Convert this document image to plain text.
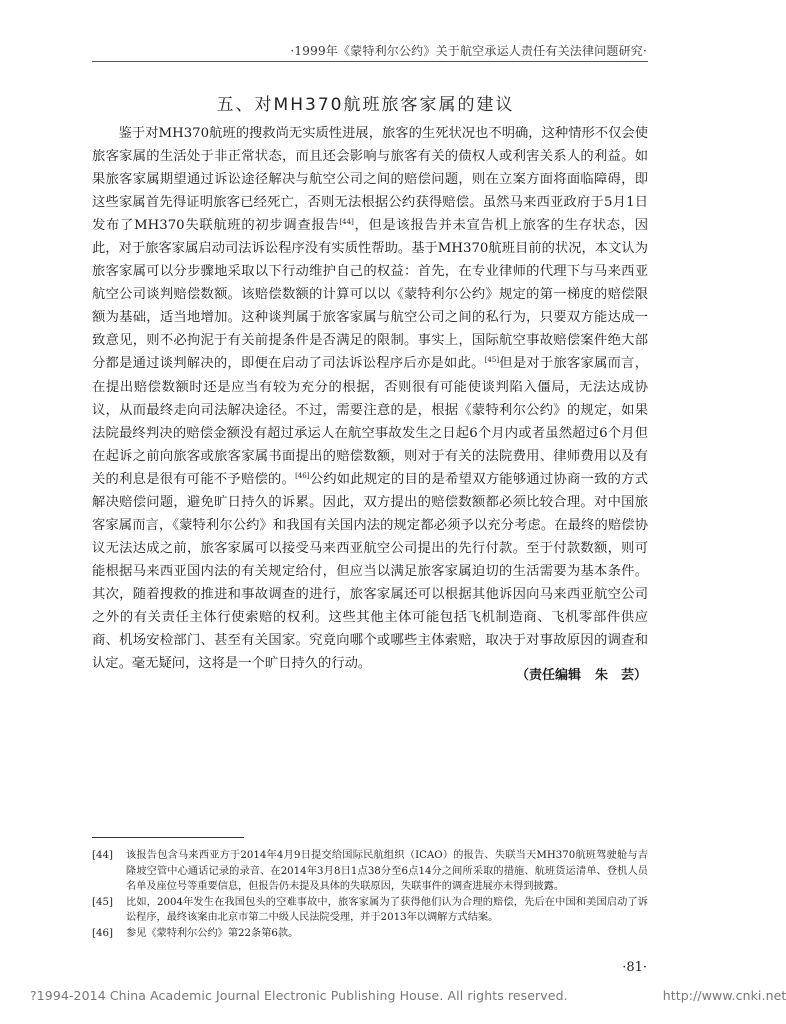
·1999年《蒙特利尔公约》关于航空承运人责任有关法律问题研究·
五、对MH370航班旅客家属的建议

鉴于对MH370航班的搜救尚无实质性进展，旅客的生死状况也不明确，这种情形不仅会使旅客家属的生活处于非正常状态，而且还会影响与旅客有关的债权人或利害关系人的利益。如果旅客家属期望通过诉讼途径解决与航空公司之间的赔偿问题，则在立案方面将面临障碍，即这些家属首先得证明旅客已经死亡，否则无法根据公约获得赔偿。虽然马来西亚政府于5月1日发布了MH370失联航班的初步调查报告[44]，但是该报告并未宣告机上旅客的生存状态，因此，对于旅客家属启动司法诉讼程序没有实质性帮助。基于MH370航班目前的状况，本文认为旅客家属可以分步骤地采取以下行动维护自己的权益：首先，在专业律师的代理下与马来西亚航空公司谈判赔偿数额。该赔偿数额的计算可以以《蒙特利尔公约》规定的第一梯度的赔偿限额为基础，适当地增加。这种谈判属于旅客家属与航空公司之间的私行为，只要双方能达成一致意见，则不必拘泥于有关前提条件是否满足的限制。事实上，国际航空事故赔偿案件绝大部分都是通过谈判解决的，即便在启动了司法诉讼程序后亦是如此。[45]但是对于旅客家属而言，在提出赔偿数额时还是应当有较为充分的根据，否则很有可能使谈判陷入僵局，无法达成协议，从而最终走向司法解决途径。不过，需要注意的是，根据《蒙特利尔公约》的规定，如果法院最终判决的赔偿金额没有超过承运人在航空事故发生之日起6个月内或者虽然超过6个月但在起诉之前向旅客或旅客家属书面提出的赔偿数额，则对于有关的法院费用、律师费用以及有关的利息是很有可能不予赔偿的。[46]公约如此规定的目的是希望双方能够通过协商一致的方式解决赔偿问题，避免旷日持久的诉累。因此，双方提出的赔偿数额都必须比较合理。对中国旅客家属而言，《蒙特利尔公约》和我国有关国内法的规定都必须予以充分考虑。在最终的赔偿协议无法达成之前，旅客家属可以接受马来西亚航空公司提出的先行付款。至于付款数额，则可能根据马来西亚国内法的有关规定给付，但应当以满足旅客家属迫切的生活需要为基本条件。其次，随着搜救的推进和事故调查的进行，旅客家属还可以根据其他诉因向马来西亚航空公司之外的有关责任主体行使索赔的权利。这些其他主体可能包括飞机制造商、飞机零部件供应商、机场安检部门、甚至有关国家。究竟向哪个或哪些主体索赔，取决于对事故原因的调查和认定。毫无疑问，这将是一个旷日持久的行动。

（责任编辑 朱　芸）
[44]	该报告包含马来西亚方于2014年4月9日提交给国际民航组织（ICAO）的报告、失联当天MH370航班驾驶舱与吉隆坡空管中心通话记录的录音、在2014年3月8日1点38分至6点14分之间所采取的措施、航班货运清单、登机人员名单及座位号等重要信息，但报告仍未提及具体的失联原因，失联事件的调查进展亦未得到披露。
[45]	比如，2004年发生在我国包头的空难事故中，旅客家属为了获得他们认为合理的赔偿，先后在中国和美国启动了诉讼程序，最终该案由北京市第二中级人民法院受理，并于2013年以调解方式结案。
[46]	参见《蒙特利尔公约》第22条第6款。
·81·
?1994-2014 China Academic Journal Electronic Publishing House. All rights reserved.	http://www.cnki.net
